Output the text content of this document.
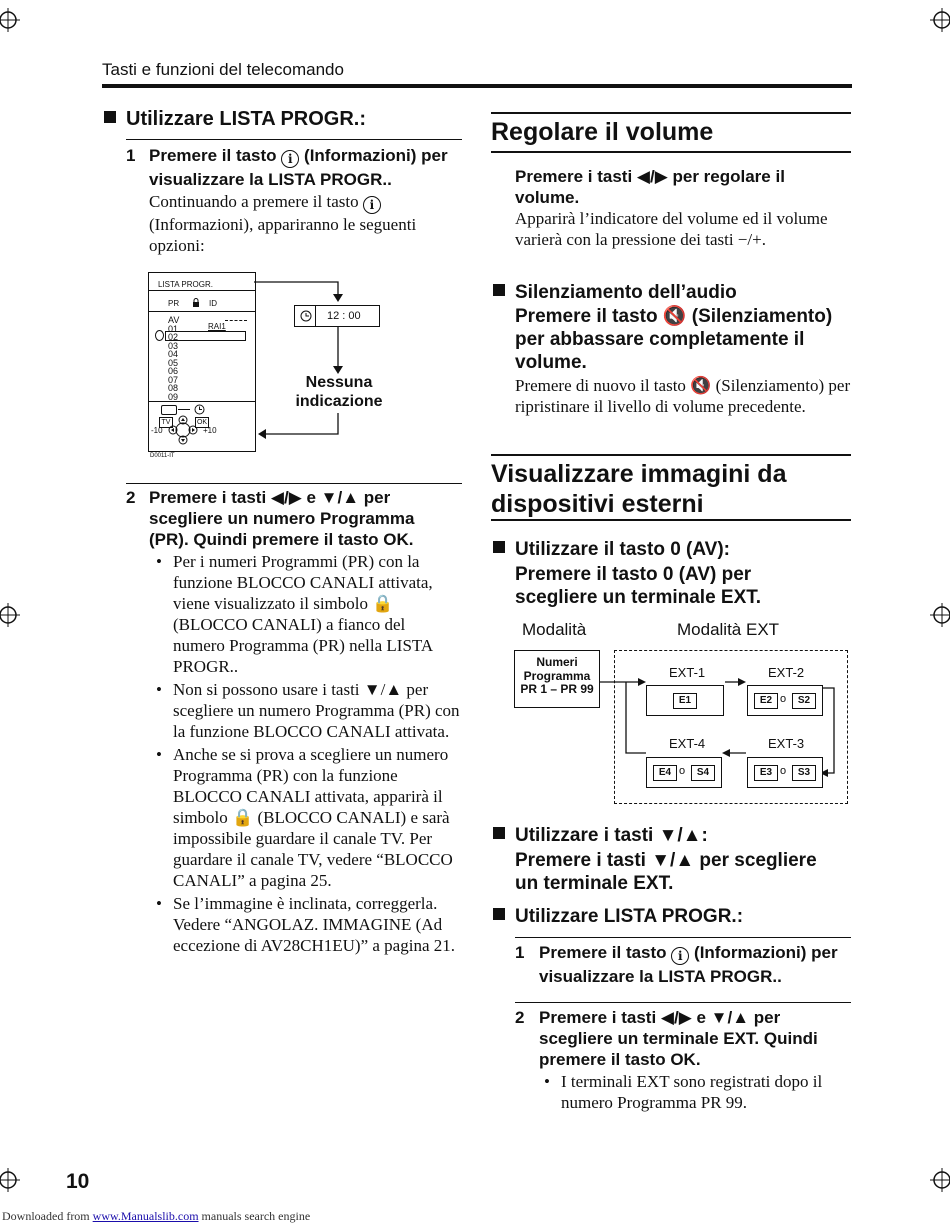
Tasti e funzioni del telecomando
Utilizzare LISTA PROGR.:
1 Premere il tasto i (Informazioni) per visualizzare la LISTA PROGR..
Continuando a premere il tasto i (Informazioni), appariranno le seguenti opzioni:
LISTA PROGR.
PR	ID
AV
01
02
03
04
05
06
07
08
09
RAI1
TV	OK
-10	+10
D0011-IT
12 : 00
Nessuna indicazione
2 Premere i tasti ◀/▶ e ▼/▲ per scegliere un numero Programma (PR). Quindi premere il tasto OK.
• Per i numeri Programmi (PR) con la funzione BLOCCO CANALI attivata, viene visualizzato il simbolo 🔒 (BLOCCO CANALI) a fianco del numero Programma (PR) nella LISTA PROGR..
• Non si possono usare i tasti ▼/▲ per scegliere un numero Programma (PR) con la funzione BLOCCO CANALI attivata.
• Anche se si prova a scegliere un numero Programma (PR) con la funzione BLOCCO CANALI attivata, apparirà il simbolo 🔒 (BLOCCO CANALI) e sarà impossibile guardare il canale TV. Per guardare il canale TV, vedere “BLOCCO CANALI” a pagina 25.
• Se l’immagine è inclinata, correggerla. Vedere “ANGOLAZ. IMMAGINE (Ad eccezione di AV28CH1EU)” a pagina 21.
Regolare il volume
Premere i tasti ◀/▶ per regolare il volume.
Apparirà l’indicatore del volume ed il volume varierà con la pressione dei tasti −/+.
Silenziamento dell’audio
Premere il tasto 🔇 (Silenziamento) per abbassare completamente il volume.
Premere di nuovo il tasto 🔇 (Silenziamento) per ripristinare il livello di volume precedente.
Visualizzare immagini da dispositivi esterni
Utilizzare il tasto 0 (AV):
Premere il tasto 0 (AV) per scegliere un terminale EXT.
Modalità	Modalità EXT
Numeri Programma PR 1 – PR 99
EXT-1
E1
EXT-2
E2 o	S2
EXT-3
E3 o	S3
EXT-4
E4 o	S4
Utilizzare i tasti ▼/▲:
Premere i tasti ▼/▲ per scegliere un terminale EXT.
Utilizzare LISTA PROGR.:
1 Premere il tasto i (Informazioni) per visualizzare la LISTA PROGR..
2 Premere i tasti ◀/▶ e ▼/▲ per scegliere un terminale EXT. Quindi premere il tasto OK.
• I terminali EXT sono registrati dopo il numero Programma PR 99.
10
Downloaded from www.Manualslib.com manuals search engine
